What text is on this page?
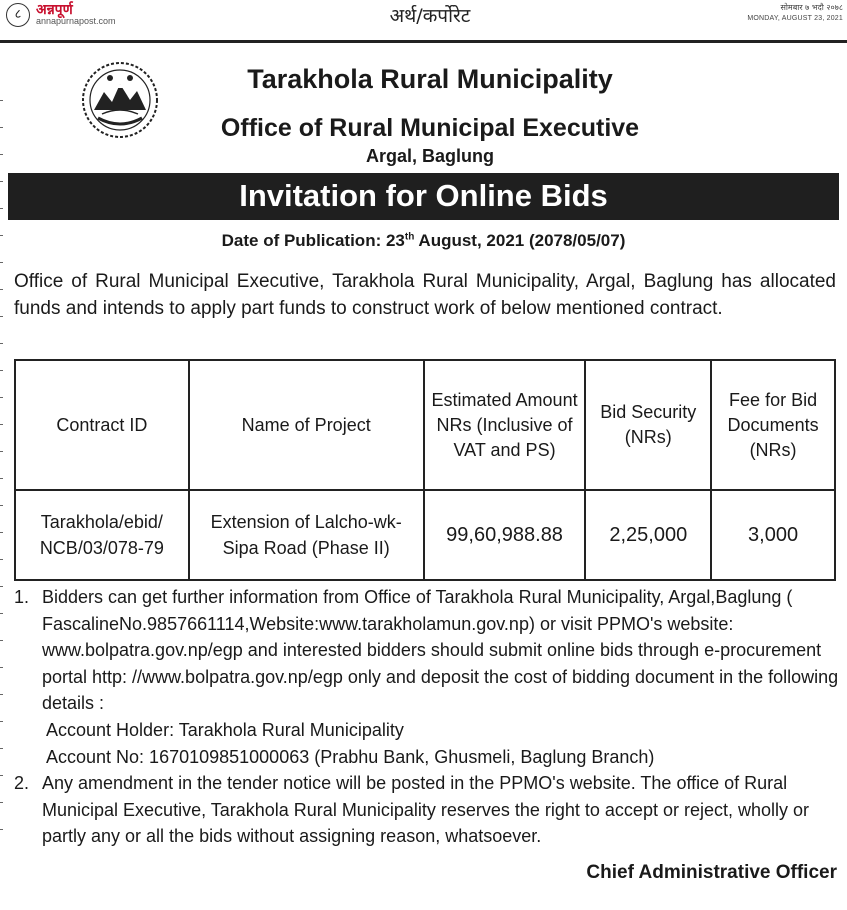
८	अन्नपूर्ण
annapurnapost.com	अर्थ/कर्पोरेट	सोमबार ७ भदौ २०७८
MONDAY, AUGUST 23, 2021
Tarakhola Rural Municipality
Office of Rural Municipal Executive
Argal, Baglung
Invitation for Online Bids
Date of Publication: 23th August, 2021 (2078/05/07)
Office of Rural Municipal Executive, Tarakhola Rural Municipality, Argal, Baglung has allocated funds and intends to apply part funds to construct work of below mentioned contract.
Contract ID	Name of Project	Estimated Amount NRs (Inclusive of VAT and PS)	Bid Security (NRs)	Fee for Bid Documents (NRs)
Tarakhola/ebid/ NCB/03/078-79	Extension of Lalcho-wk-Sipa Road (Phase II)	99,60,988.88	2,25,000	3,000
1. Bidders can get further information from Office of Tarakhola Rural Municipality, Argal,Baglung ( FascalineNo.9857661114,Website:www.tarakholamun.gov.np) or visit PPMO's website: www.bolpatra.gov.np/egp and interested bidders should submit online bids through e-procurement portal http: //www.bolpatra.gov.np/egp only and deposit the cost of bidding document in the following details :
Account Holder: Tarakhola Rural Municipality
Account No: 1670109851000063 (Prabhu Bank, Ghusmeli, Baglung Branch)
2. Any amendment in the tender notice will be posted in the PPMO's website. The office of Rural Municipal Executive, Tarakhola Rural Municipality reserves the right to accept or reject, wholly or partly any or all the bids without assigning reason, whatsoever.
Chief Administrative Officer
